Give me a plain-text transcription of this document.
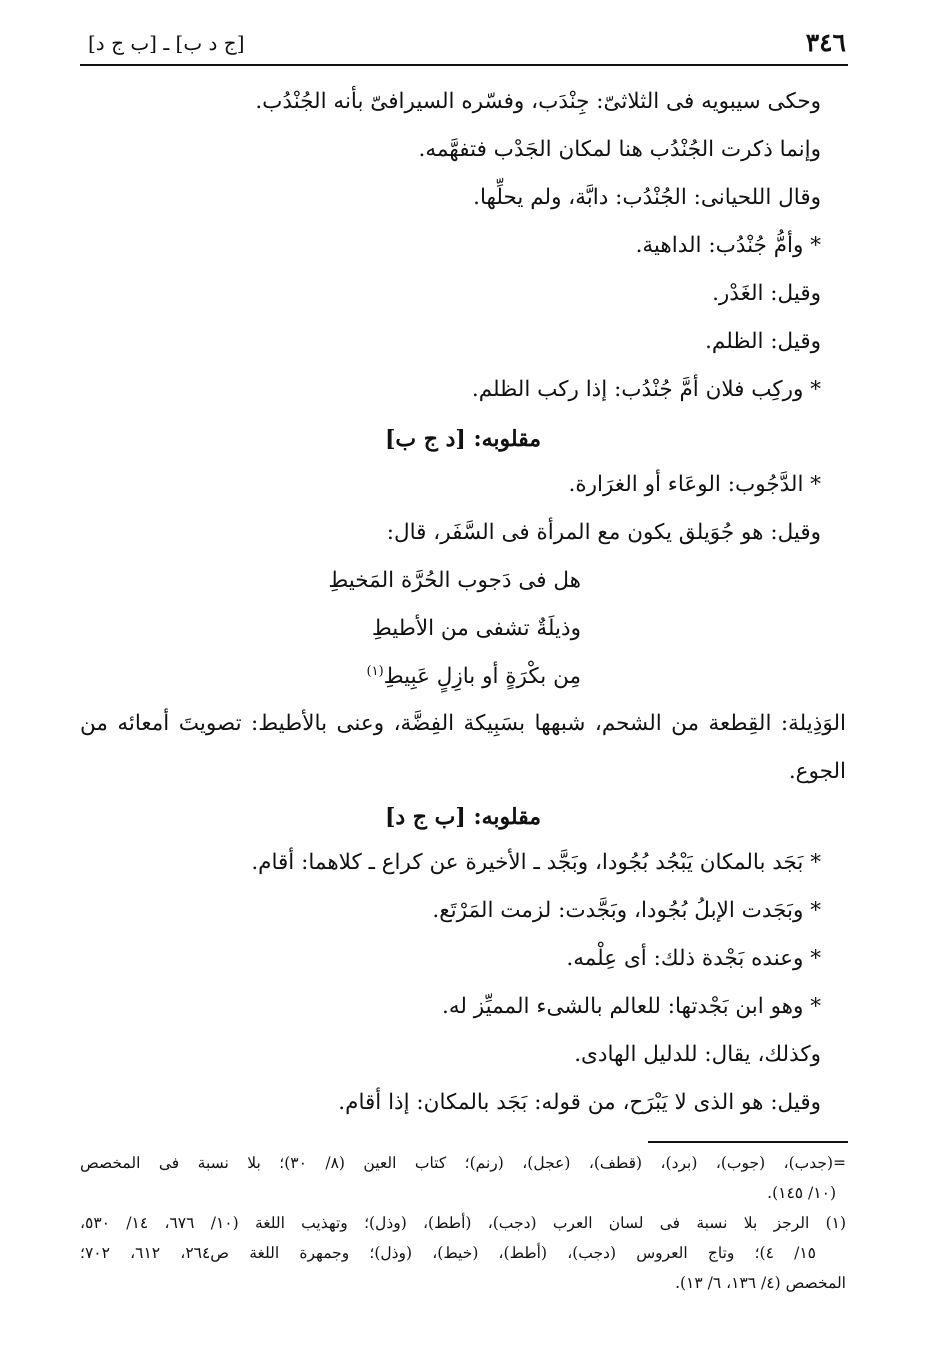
٣٤٦
[ج د ب] ـ [ب ج د]
وحكى سيبويه فى الثلاثىّ: جِنْدَب، وفسّره السيرافىّ بأنه الجُنْدُب.
وإنما ذكرت الجُنْدُب هنا لمكان الجَدْب فتفهَّمه.
وقال اللحيانى: الجُنْدُب: دابَّة، ولم يحلِّها.
* وأمُّ جُنْدُب: الداهية.
وقيل: الغَدْر.
وقيل: الظلم.
* وركِب فلان أمَّ جُنْدُب: إذا ركب الظلم.
مقلوبه: [د ج ب]
* الدَّجُوب: الوعَاء أو الغرَارة.
وقيل: هو جُوَيلق يكون مع المرأة فى السَّفَر، قال:
هل فى دَجوب الحُرَّة المَخيطِ
وذيلَةٌ تشفى من الأطيطِ
مِن بكْرَةٍ أو بازِلٍ عَبِيطِ$^{(١)}$
الوَذِيلة: القِطعة من الشحم، شبهها بسَبِيكة الفِضَّة، وعنى بالأطيط: تصويتَ أمعائه من
الجوع.
مقلوبه: [ب ج د]
* بَجَد بالمكان يَبْجُد بُجُودا، وبَجَّد ـ الأخيرة عن كراع ـ كلاهما: أقام.
* وبَجَدت الإبلُ بُجُودا، وبَجَّدت: لزمت المَرْتَع.
* وعنده بَجْدة ذلك: أى عِلْمه.
* وهو ابن بَجْدتها: للعالم بالشىء المميِّز له.
وكذلك، يقال: للدليل الهادى.
وقيل: هو الذى لا يَبْرَح، من قوله: بَجَد بالمكان: إذا أقام.
=(جدب)، (جوب)، (برد)، (قطف)، (عجل)، (رنم)؛ كتاب العين (٨/ ٣٠)؛ بلا نسبة فى المخصص
(١٠/ ١٤٥).
(١) الرجز بلا نسبة فى لسان العرب (دجب)، (أطط)، (وذل)؛ وتهذيب اللغة (١٠/ ٦٧٦، ١٤/ ٥٣٠،
١٥/ ٤)؛ وتاج العروس (دجب)، (أطط)، (خيط)، (وذل)؛ وجمهرة اللغة ص٢٦٤، ٦١٢، ٧٠٢؛
المخصص (٤/ ١٣٦، ٦/ ١٣).
